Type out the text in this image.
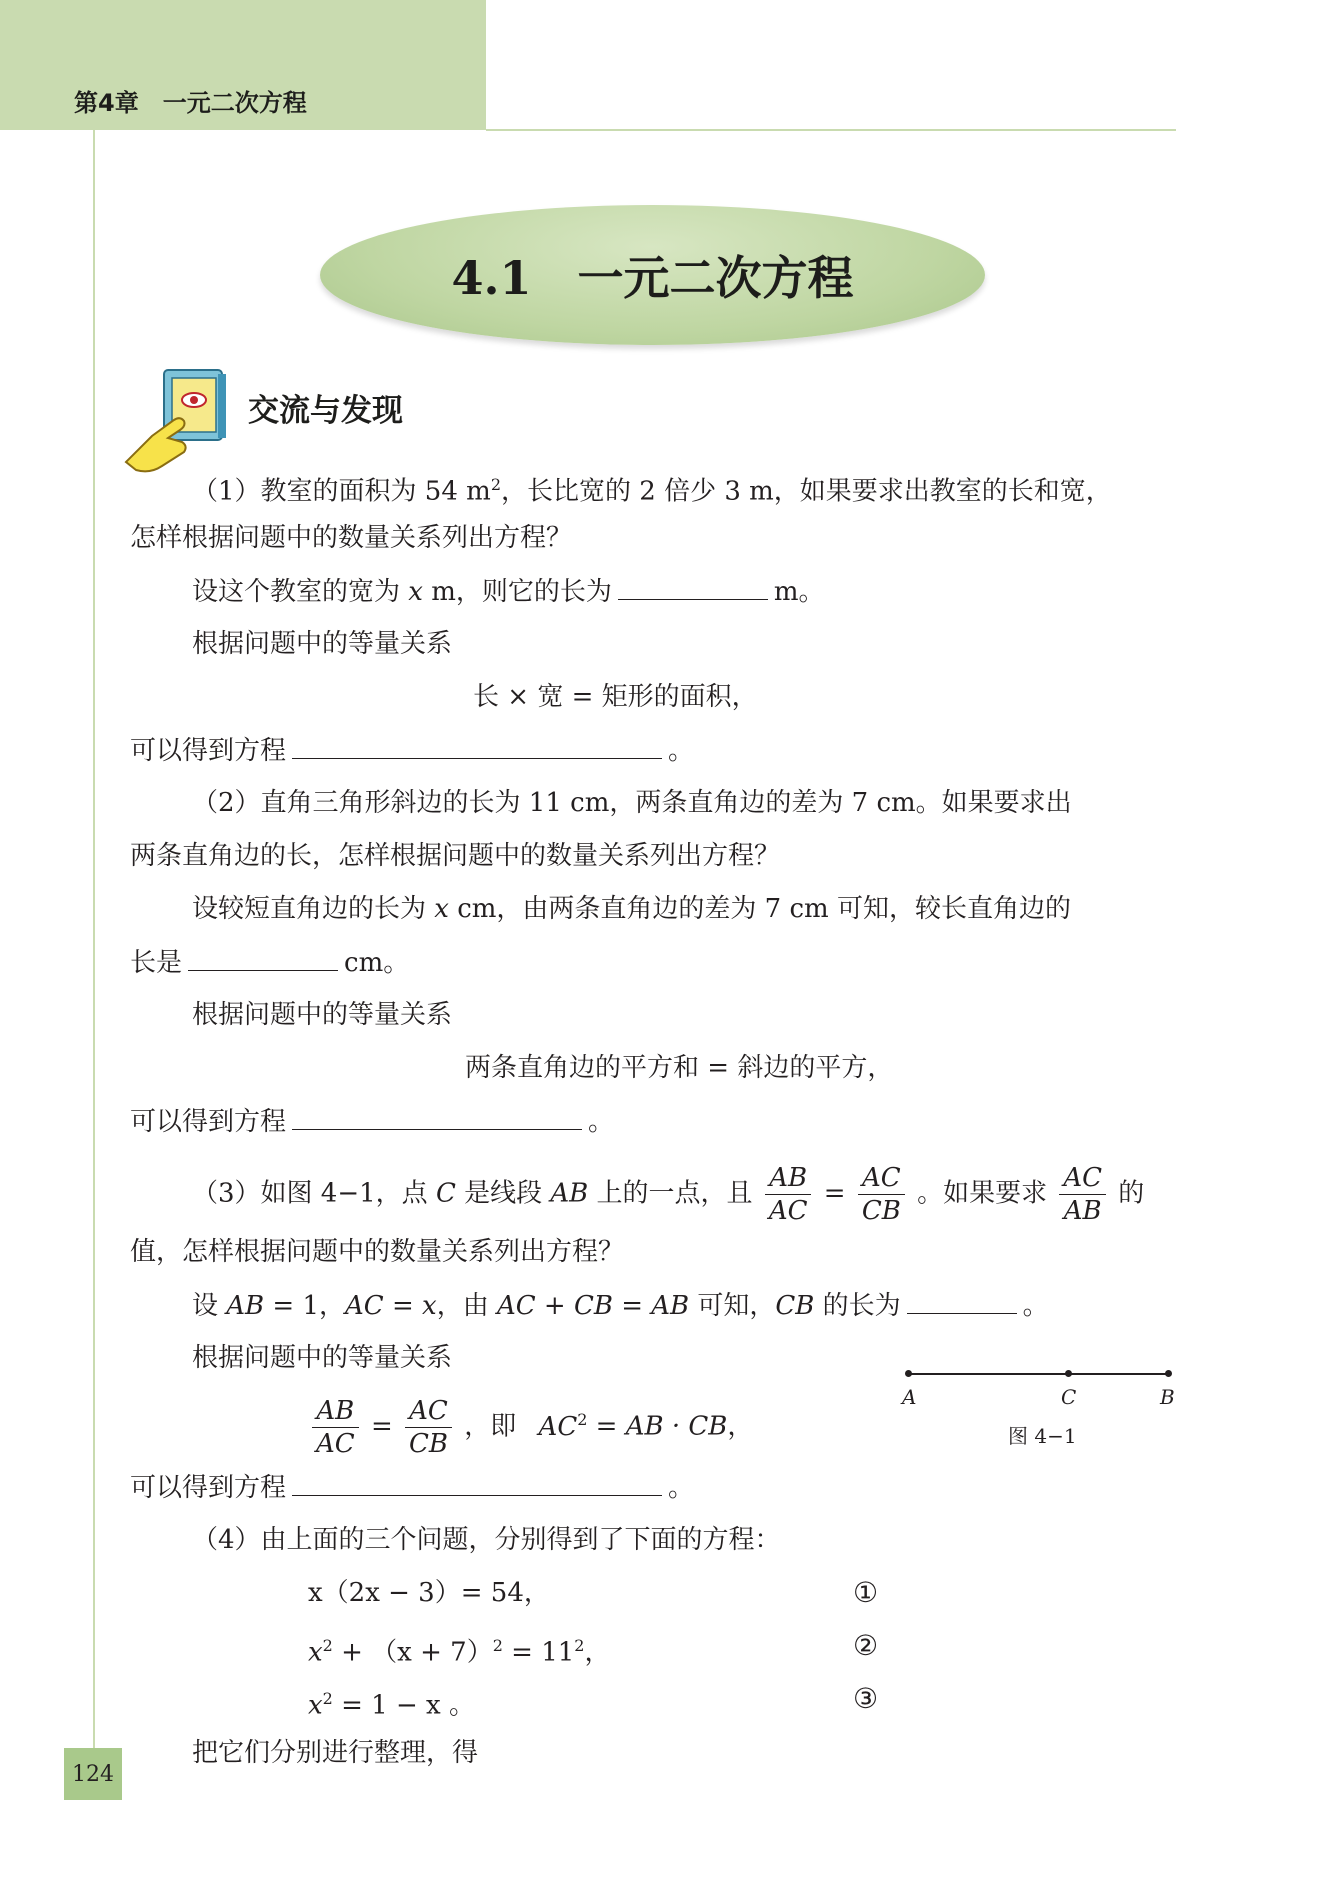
第4章　一元二次方程
4.1　一元二次方程
交流与发现
（1）教室的面积为 54 $m^2$，长比宽的 2 倍少 3 m，如果要求出教室的长和宽，
怎样根据问题中的数量关系列出方程？
设这个教室的宽为 x m，则它的长为	m。
根据问题中的等量关系
长 × 宽 = 矩形的面积，
可以得到方程	。
（2）直角三角形斜边的长为 11 cm，两条直角边的差为 7 cm。如果要求出
两条直角边的长，怎样根据问题中的数量关系列出方程？
设较短直角边的长为 x cm，由两条直角边的差为 7 cm 可知，较长直角边的
长是	cm。
根据问题中的等量关系
两条直角边的平方和 = 斜边的平方，
可以得到方程	。
（3）如图 4−1，点 C 是线段 AB 上的一点，且 $\frac{AB}{AC} = \frac{AC}{CB}$ 。如果要求 $\frac{AC}{AB}$ 的
值，怎样根据问题中的数量关系列出方程？
设 AB = 1，AC = x，由 AC + CB = AB 可知，CB 的长为	。
根据问题中的等量关系
$\frac{AB}{AC} = \frac{AC}{CB}$ ，即 $AC^2$ = AB · CB，
可以得到方程	。
A	C	B
图 4−1
（4）由上面的三个问题，分别得到了下面的方程：
x（2x − 3）= 54，	①
$x^2 + (x + 7)^2 = 11^2$，	②
$x^2 = 1 - x$ 。	③
把它们分别进行整理，得
124
